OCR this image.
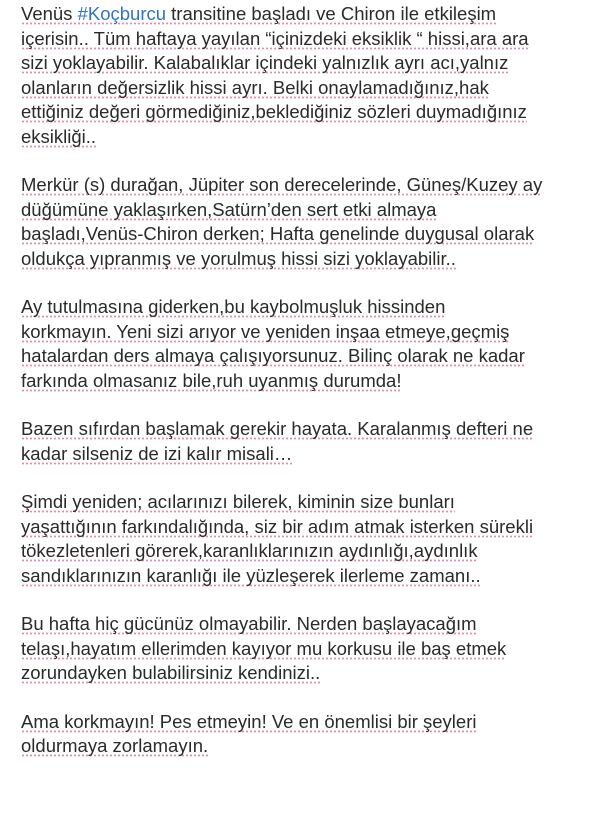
Venüs #Koçburcu transitine başladı ve Chiron ile etkileşim
içerisin.. Tüm haftaya yayılan “içinizdeki eksiklik “ hissi,ara ara
sizi yoklayabilir. Kalabalıklar içindeki yalnızlık ayrı acı,yalnız
olanların değersizlik hissi ayrı. Belki onaylamadığınız,hak
ettiğiniz değeri görmediğiniz,beklediğiniz sözleri duymadığınız
eksikliği..
Merkür (s) durağan, Jüpiter son derecelerinde, Güneş/Kuzey ay
düğümüne yaklaşırken,Satürn’den sert etki almaya
başladı,Venüs-Chiron derken; Hafta genelinde duygusal olarak
oldukça yıpranmış ve yorulmuş hissi sizi yoklayabilir..
Ay tutulmasına giderken,bu kaybolmuşluk hissinden
korkmayın. Yeni sizi arıyor ve yeniden inşaa etmeye,geçmiş
hatalardan ders almaya çalışıyorsunuz. Bilinç olarak ne kadar
farkında olmasanız bile,ruh uyanmış durumda!
Bazen sıfırdan başlamak gerekir hayata. Karalanmış defteri ne
kadar silseniz de izi kalır misali…
Şimdi yeniden; acılarınızı bilerek, kiminin size bunları
yaşattığının farkındalığında, siz bir adım atmak isterken sürekli
tökezletenleri görerek,karanlıklarınızın aydınlığı,aydınlık
sandıklarınızın karanlığı ile yüzleşerek ilerleme zamanı..
Bu hafta hiç gücünüz olmayabilir. Nerden başlayacağım
telaşı,hayatım ellerimden kayıyor mu korkusu ile baş etmek
zorundayken bulabilirsiniz kendinizi..
Ama korkmayın! Pes etmeyin! Ve en önemlisi bir şeyleri
oldurmaya zorlamayın.
